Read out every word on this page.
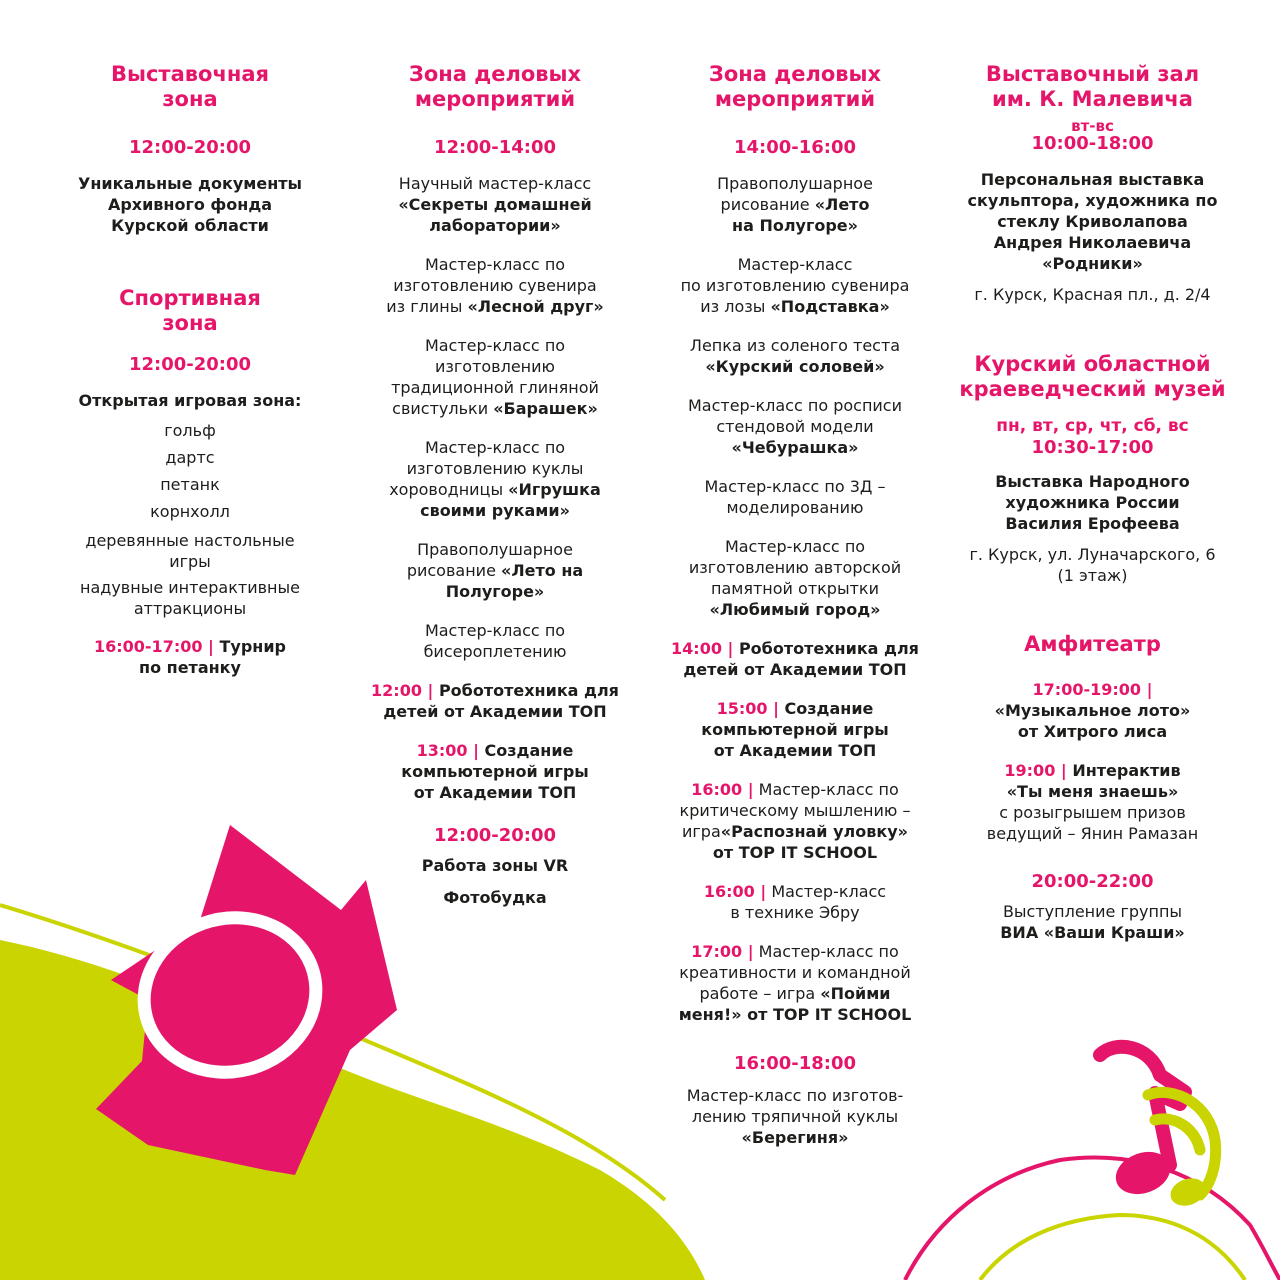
Выставочная
зона
12:00-20:00
Уникальные документы
Архивного фонда
Курской области
Спортивная
зона
12:00-20:00
Открытая игровая зона:
гольф
дартс
петанк
корнхолл
деревянные настольные
игры
надувные интерактивные
аттракционы
16:00-17:00 | Турнир
по петанку
Зона деловых
мероприятий
12:00-14:00
Научный мастер-класс
«Секреты домашней
лаборатории»
Мастер-класс по
изготовлению сувенира
из глины «Лесной друг»
Мастер-класс по
изготовлению
традиционной глиняной
свистульки «Барашек»
Мастер-класс по
изготовлению куклы
хороводницы «Игрушка
своими руками»
Правополушарное
рисование «Лето на
Полугоре»
Мастер-класс по
бисероплетению
12:00 | Робототехника для
детей от Академии ТОП
13:00 | Создание
компьютерной игры
от Академии ТОП
12:00-20:00
Работа зоны VR
Фотобудка
Зона деловых
мероприятий
14:00-16:00
Правополушарное
рисование «Лето
на Полугоре»
Мастер-класс
по изготовлению сувенира
из лозы «Подставка»
Лепка из соленого теста
«Курский соловей»
Мастер-класс по росписи
стендовой модели
«Чебурашка»
Мастер-класс по 3Д –
моделированию
Мастер-класс по
изготовлению авторской
памятной открытки
«Любимый город»
14:00 | Робототехника для
детей от Академии ТОП
15:00 | Создание
компьютерной игры
от Академии ТОП
16:00 | Мастер-класс по
критическому мышлению –
игра«Распознай уловку»
от TOP IT SCHOOL
16:00 | Мастер-класс
в технике Эбру
17:00 | Мастер-класс по
креативности и командной
работе – игра «Пойми
меня!» от TOP IT SCHOOL
16:00-18:00
Мастер-класс по изготов-
лению тряпичной куклы
«Берегиня»
Выставочный зал
им. К. Малевича
вт-вс
10:00-18:00
Персональная выставка
скульптора, художника по
стеклу Криволапова
Андрея Николаевича
«Родники»
г. Курск, Красная пл., д. 2/4
Курский областной
краеведческий музей
пн, вт, ср, чт, сб, вс
10:30-17:00
Выставка Народного
художника России
Василия Ерофеева
г. Курск, ул. Луначарского, 6
(1 этаж)
Амфитеатр
17:00-19:00 |
«Музыкальное лото»
от Хитрого лиса
19:00 | Интерактив
«Ты меня знаешь»
с розыгрышем призов
ведущий – Янин Рамазан
20:00-22:00
Выступление группы
ВИА «Ваши Краши»
